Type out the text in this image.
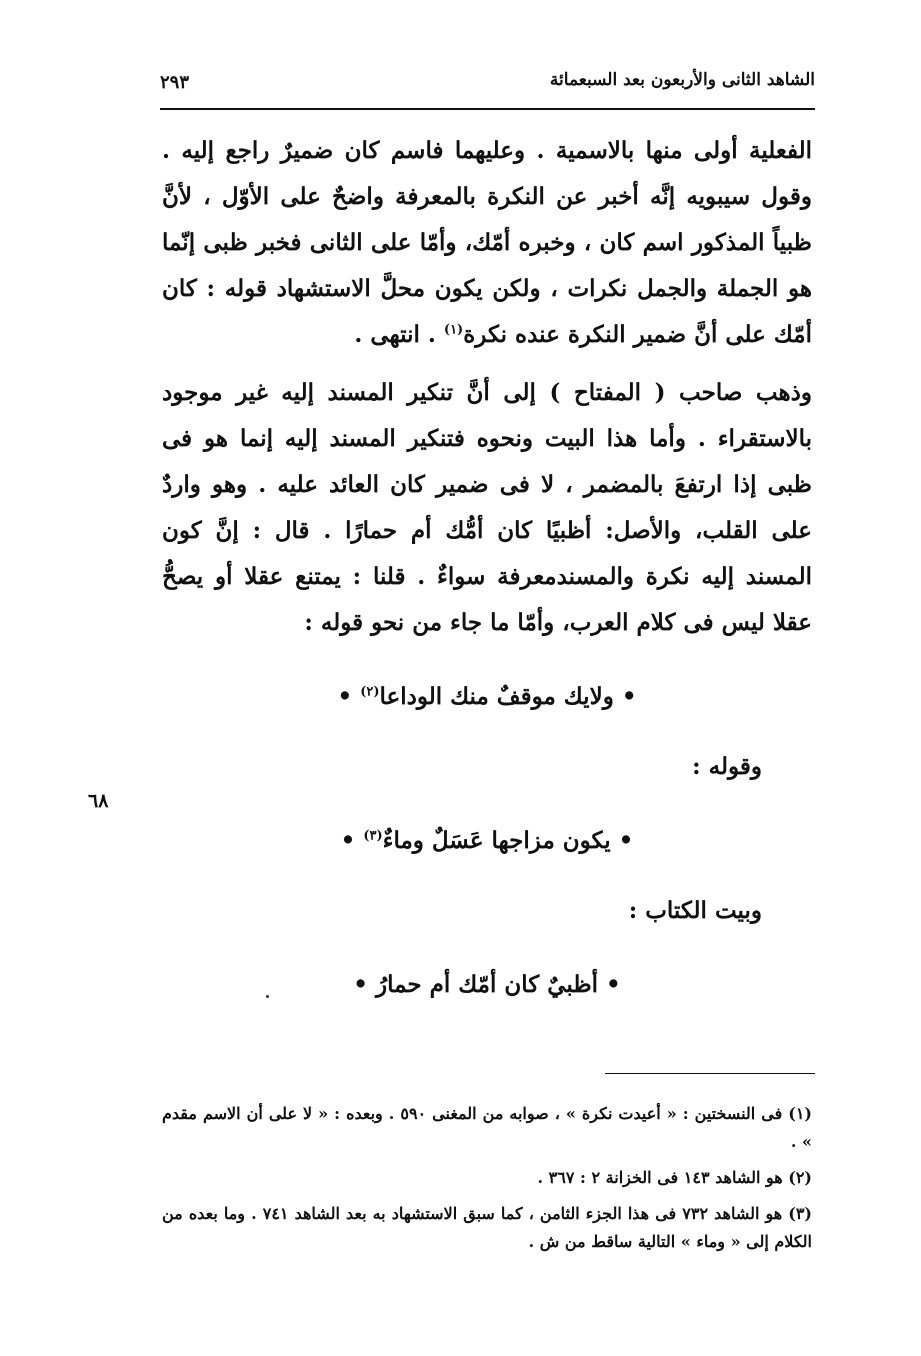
الشاهد الثانى والأربعون بعد السبعمائة
٢٩٣

الفعلية أولى منها بالاسمية . وعليهما فاسم كان ضميرٌ راجع إليه . وقول سيبويه إنَّه أخبر عن النكرة بالمعرفة واضحٌ على الأوّل ، لأنَّ ظبياً المذكور اسم كان ، وخبره أمّك، وأمّا على الثانى فخبر ظبى إنّما هو الجملة والجمل نكرات ، ولكن يكون محلَّ الاستشهاد قوله : كان أمّك على أنَّ ضمير النكرة عنده نكرة$^{(١)}$ . انتهى .

وذهب صاحب ( المفتاح ) إلى أنَّ تنكير المسند إليه غير موجود بالاستقراء . وأما هذا البيت ونحوه فتنكير المسند إليه إنما هو فى ظبى إذا ارتفعَ بالمضمر ، لا فى ضمير كان العائد عليه . وهو واردٌ على القلب، والأصل: أظبيًا كان أمُّك أم حمارًا . قال : إنَّ كون المسند إليه نكرة والمسندمعرفة سواءٌ . قلنا : يمتنع عقلا أو يصحُّ عقلا ليس فى كلام العرب، وأمّا ما جاء من نحو قوله :

• ولايك موقفٌ منك الوداعا$^{(٢)}$ •

وقوله :

• يكون مزاجها عَسَلٌ وماءٌ$^{(٣)}$ •

وبيت الكتاب :

• أظبيٌ كان أمّك أم حمارُ •

٦٨

(١) فى النسختين : « أعيدت نكرة » ، صوابه من المغنى ٥٩٠ . وبعده : « لا على أن الاسم مقدم » .

(٢) هو الشاهد ١٤٣ فى الخزانة ٢ : ٣٦٧ .

(٣) هو الشاهد ٧٣٢ فى هذا الجزء الثامن ، كما سبق الاستشهاد به بعد الشاهد ٧٤١ . وما بعده من الكلام إلى « وماء » التالية ساقط من ش .
